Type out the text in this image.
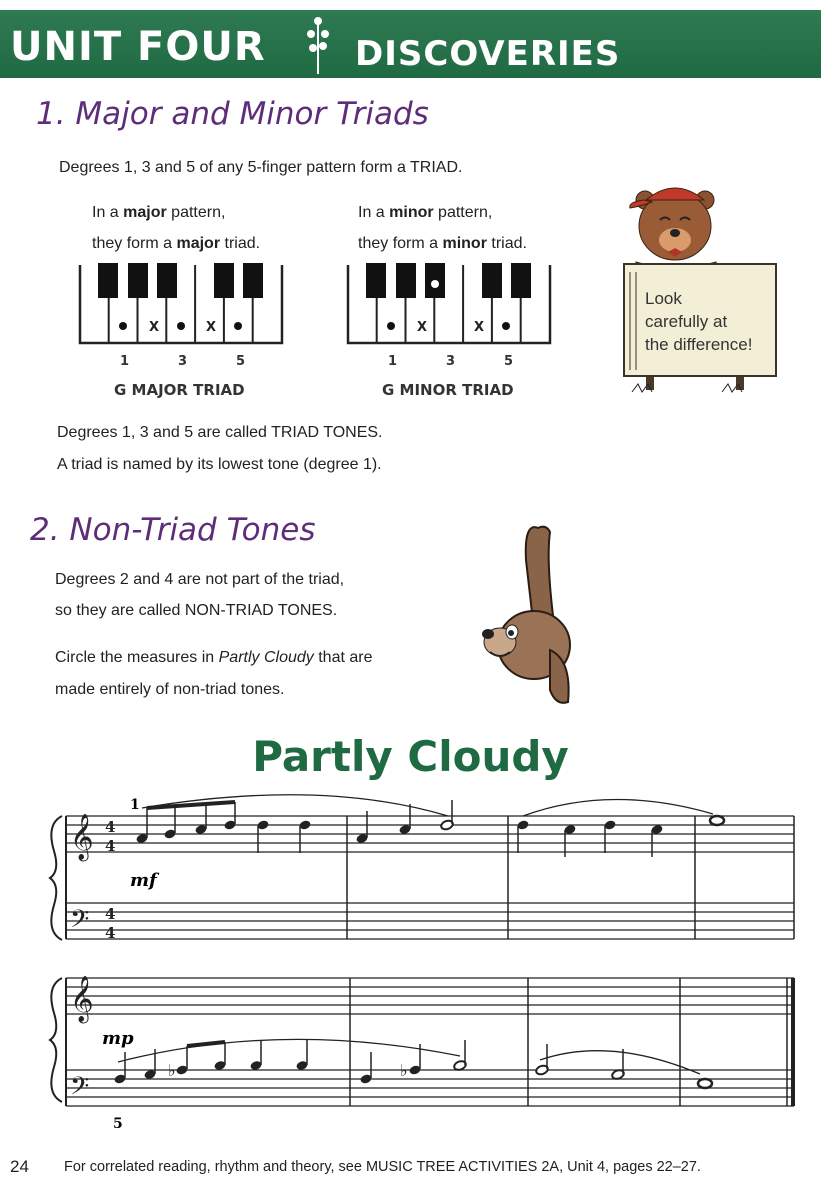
UNIT FOUR	DISCOVERIES
1. Major and Minor Triads
Degrees 1, 3 and 5 of any 5-finger pattern form a TRIAD.
In a major pattern,
they form a major triad.
In a minor pattern,
they form a minor triad.
X	X
1	3	5
G MAJOR TRIAD
X	X
1	3	5
G MINOR TRIAD
Look
carefully at
the difference!
Degrees 1, 3 and 5 are called TRIAD TONES.
A triad is named by its lowest tone (degree 1).
2. Non-Triad Tones
Degrees 2 and 4 are not part of the triad,
so they are called NON-TRIAD TONES.
Circle the measures in Partly Cloudy that are
made entirely of non-triad tones.
Partly Cloudy
𝄞
𝄢
4
4
4
4
1
mf
𝄞
𝄢
mp
5
♭	♭
24 For correlated reading, rhythm and theory, see MUSIC TREE ACTIVITIES 2A, Unit 4, pages 22–27.
